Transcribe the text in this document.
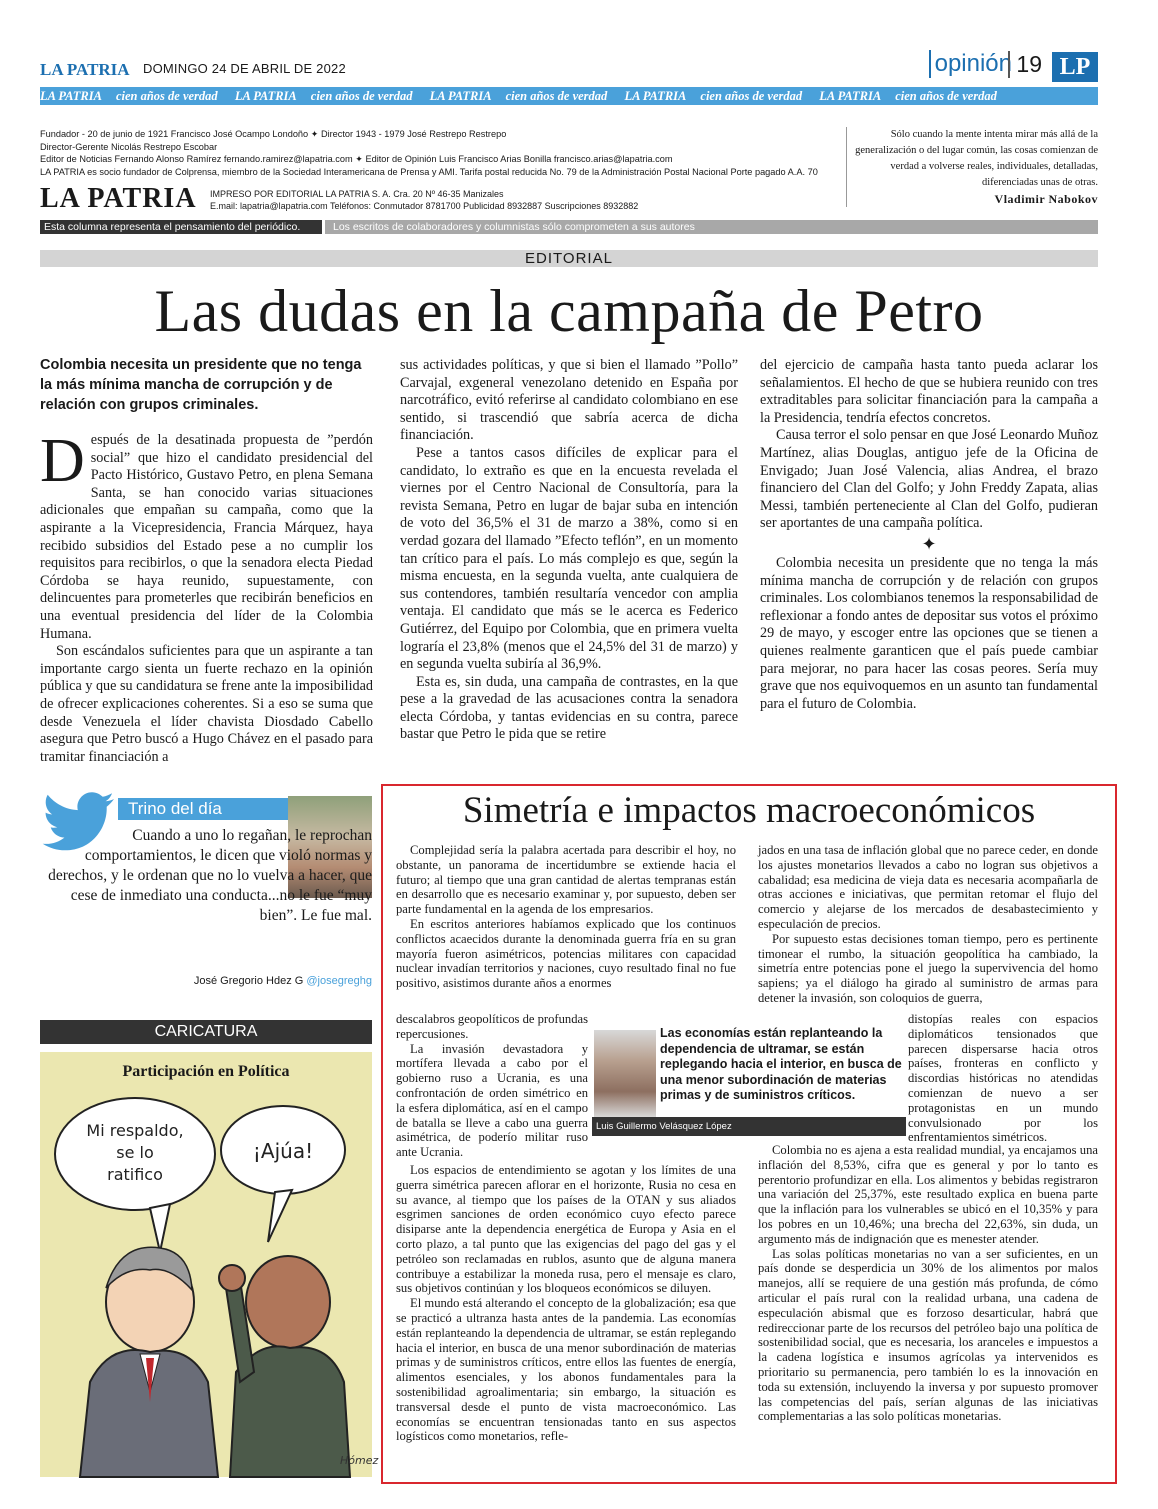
LA PATRIA DOMINGO 24 DE ABRIL DE 2022	opinión 19 LP
LA PATRIA cien años de verdad LA PATRIA cien años de verdad LA PATRIA cien años de verdad LA PATRIA cien años de verdad LA PATRIA cien años de verdad
Fundador - 20 de junio de 1921 Francisco José Ocampo Londoño ✦ Director 1943 - 1979 José Restrepo Restrepo
Director-Gerente Nicolás Restrepo Escobar
Editor de Noticias Fernando Alonso Ramírez fernando.ramirez@lapatria.com ✦ Editor de Opinión Luis Francisco Arias Bonilla francisco.arias@lapatria.com
LA PATRIA es socio fundador de Colprensa, miembro de la Sociedad Interamericana de Prensa y AMI. Tarifa postal reducida No. 79 de la Administración Postal Nacional Porte pagado A.A. 70
Sólo cuando la mente intenta mirar más allá de la generalización o del lugar común, las cosas comienzan de verdad a volverse reales, individuales, detalladas, diferenciadas unas de otras.
Vladimir Nabokov
LA PATRIA IMPRESO POR EDITORIAL LA PATRIA S. A. Cra. 20 Nº 46-35 Manizales
E.mail: lapatria@lapatria.com Teléfonos: Conmutador 8781700 Publicidad 8932887 Suscripciones 8932882
Esta columna representa el pensamiento del periódico.	Los escritos de colaboradores y columnistas sólo comprometen a sus autores
EDITORIAL
Las dudas en la campaña de Petro
Colombia necesita un presidente que no tenga la más mínima mancha de corrupción y de relación con grupos criminales.

Después de la desatinada propuesta de ”perdón social” que hizo el candidato presidencial del Pacto Histórico, Gustavo Petro, en plena Semana Santa, se han conocido varias situaciones adicionales que empañan su campaña, como que la aspirante a la Vicepresidencia, Francia Márquez, haya recibido subsidios del Estado pese a no cumplir los requisitos para recibirlos, o que la senadora electa Piedad Córdoba se haya reunido, supuestamente, con delincuentes para prometerles que recibirán beneficios en una eventual presidencia del líder de la Colombia Humana.

Son escándalos suficientes para que un aspirante a tan importante cargo sienta un fuerte rechazo en la opinión pública y que su candidatura se frene ante la imposibilidad de ofrecer explicaciones coherentes. Si a eso se suma que desde Venezuela el líder chavista Diosdado Cabello asegura que Petro buscó a Hugo Chávez en el pasado para tramitar financiación a

sus actividades políticas, y que si bien el llamado ”Pollo” Carvajal, exgeneral venezolano detenido en España por narcotráfico, evitó referirse al candidato colombiano en ese sentido, si trascendió que sabría acerca de dicha financiación.

Pese a tantos casos difíciles de explicar para el candidato, lo extraño es que en la encuesta revelada el viernes por el Centro Nacional de Consultoría, para la revista Semana, Petro en lugar de bajar suba en intención de voto del 36,5% el 31 de marzo a 38%, como si en verdad gozara del llamado ”Efecto teflón”, en un momento tan crítico para el país. Lo más complejo es que, según la misma encuesta, en la segunda vuelta, ante cualquiera de sus contendores, también resultaría vencedor con amplia ventaja. El candidato que más se le acerca es Federico Gutiérrez, del Equipo por Colombia, que en primera vuelta lograría el 23,8% (menos que el 24,5% del 31 de marzo) y en segunda vuelta subiría al 36,9%.

Esta es, sin duda, una campaña de contrastes, en la que pese a la gravedad de las acusaciones contra la senadora electa Córdoba, y tantas evidencias en su contra, parece bastar que Petro le pida que se retire

del ejercicio de campaña hasta tanto pueda aclarar los señalamientos. El hecho de que se hubiera reunido con tres extraditables para solicitar financiación para la campaña a la Presidencia, tendría efectos concretos.

Causa terror el solo pensar en que José Leonardo Muñoz Martínez, alias Douglas, antiguo jefe de la Oficina de Envigado; Juan José Valencia, alias Andrea, el brazo financiero del Clan del Golfo; y John Freddy Zapata, alias Messi, también perteneciente al Clan del Golfo, pudieran ser aportantes de una campaña política.

✦

Colombia necesita un presidente que no tenga la más mínima mancha de corrupción y de relación con grupos criminales. Los colombianos tenemos la responsabilidad de reflexionar a fondo antes de depositar sus votos el próximo 29 de mayo, y escoger entre las opciones que se tienen a quienes realmente garanticen que el país puede cambiar para mejorar, no para hacer las cosas peores. Sería muy grave que nos equivoquemos en un asunto tan fundamental para el futuro de Colombia.

Trino del día
Cuando a uno lo regañan, le reprochan comportamientos, le dicen que violó normas y derechos, y le ordenan que no lo vuelva a hacer, que cese de inmediato una conducta...no le fue “muy bien”. Le fue mal.
José Gregorio Hdez G @josegreghg
CARICATURA
Participación en Política
Mi respaldo, se lo ratifico
¡Ajúa!
Hómez
Simetría e impactos macroeconómicos

Complejidad sería la palabra acertada para describir el hoy, no obstante, un panorama de incertidumbre se extiende hacia el futuro; al tiempo que una gran cantidad de alertas tempranas están en desarrollo que es necesario examinar y, por supuesto, deben ser parte fundamental en la agenda de los empresarios.

En escritos anteriores habíamos explicado que los continuos conflictos acaecidos durante la denominada guerra fría en su gran mayoría fueron asimétricos, potencias militares con capacidad nuclear invadían territorios y naciones, cuyo resultado final no fue positivo, asistimos durante años a enormes

descalabros geopolíticos de profundas repercusiones.

La invasión devastadora y mortífera llevada a cabo por el gobierno ruso a Ucrania, es una confrontación de orden simétrico en la esfera diplomática, así en el campo de batalla se lleve a cabo una guerra asimétrica, de poderío militar ruso ante Ucrania.

Los espacios de entendimiento se agotan y los límites de una guerra simétrica parecen aflorar en el horizonte, Rusia no cesa en su avance, al tiempo que los países de la OTAN y sus aliados esgrimen sanciones de orden económico cuyo efecto parece disiparse ante la dependencia energética de Europa y Asia en el corto plazo, a tal punto que las exigencias del pago del gas y el petróleo son reclamadas en rublos, asunto que de alguna manera contribuye a estabilizar la moneda rusa, pero el mensaje es claro, sus objetivos continúan y los bloqueos económicos se diluyen.

El mundo está alterando el concepto de la globalización; esa que se practicó a ultranza hasta antes de la pandemia. Las economías están replanteando la dependencia de ultramar, se están replegando hacia el interior, en busca de una menor subordinación de materias primas y de suministros críticos, entre ellos las fuentes de energía, alimentos esenciales, y los abonos fundamentales para la sostenibilidad agroalimentaria; sin embargo, la situación es transversal desde el punto de vista macroeconómico. Las economías se encuentran tensionadas tanto en sus aspectos logísticos como monetarios, refle-

jados en una tasa de inflación global que no parece ceder, en donde los ajustes monetarios llevados a cabo no logran sus objetivos a cabalidad; esa medicina de vieja data es necesaria acompañarla de otras acciones e iniciativas, que permitan retomar el flujo del comercio y alejarse de los mercados de desabastecimiento y especulación de precios.

Por supuesto estas decisiones toman tiempo, pero es pertinente timonear el rumbo, la situación geopolítica ha cambiado, la simetría entre potencias pone el juego la supervivencia del homo sapiens; ya el diálogo ha girado al suministro de armas para detener la invasión, son coloquios de guerra,

distopías reales con espacios diplomáticos tensionados que parecen dispersarse hacia otros países, fronteras en conflicto y discordias históricas no atendidas comienzan de nuevo a ser protagonistas en un mundo convulsionado por los enfrentamientos simétricos.

Colombia no es ajena a esta realidad mundial, ya encajamos una inflación del 8,53%, cifra que es general y por lo tanto es perentorio profundizar en ella. Los alimentos y bebidas registraron una variación del 25,37%, este resultado explica en buena parte que la inflación para los vulnerables se ubicó en el 10,35% y para los pobres en un 10,46%; una brecha del 22,63%, sin duda, un argumento más de indignación que es menester atender.

Las solas políticas monetarias no van a ser suficientes, en un país donde se desperdicia un 30% de los alimentos por malos manejos, allí se requiere de una gestión más profunda, de cómo articular el país rural con la realidad urbana, una cadena de especulación abismal que es forzoso desarticular, habrá que redireccionar parte de los recursos del petróleo bajo una política de sostenibilidad social, que es necesaria, los aranceles e impuestos a la cadena logística e insumos agrícolas ya intervenidos es prioritario su permanencia, pero también lo es la innovación en toda su extensión, incluyendo la inversa y por supuesto promover las competencias del país, serían algunas de las iniciativas complementarias a las solo políticas monetarias.

Las economías están replanteando la dependencia de ultramar, se están replegando hacia el interior, en busca de una menor subordinación de materias primas y de suministros críticos.
Luis Guillermo Velásquez López
